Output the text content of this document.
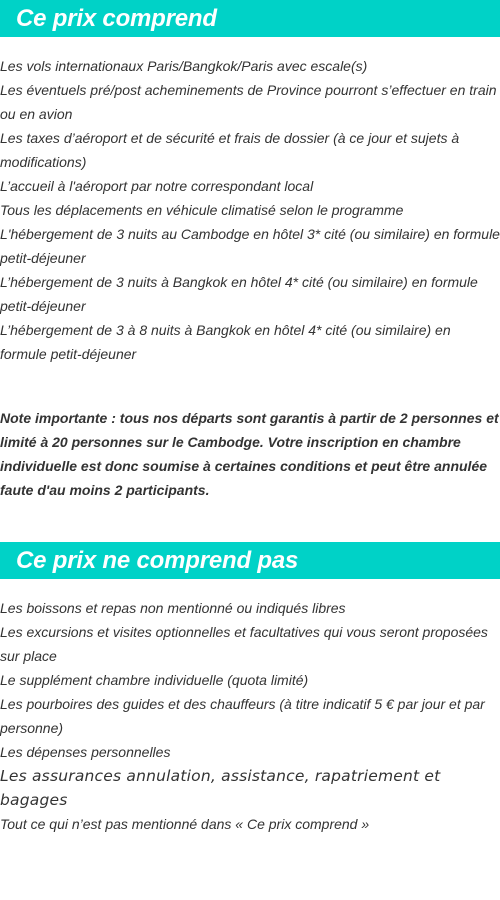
Ce prix comprend
Les vols internationaux Paris/Bangkok/Paris avec escale(s)
Les éventuels pré/post acheminements de Province pourront s’effectuer en train ou en avion
Les taxes d’aéroport et de sécurité et frais de dossier (à ce jour et sujets à modifications)
L’accueil à l'aéroport par notre correspondant local
Tous les déplacements en véhicule climatisé selon le programme
L'hébergement de 3 nuits au Cambodge en hôtel 3* cité (ou similaire) en formule petit-déjeuner
L’hébergement de 3 nuits à Bangkok en hôtel 4* cité (ou similaire) en formule petit-déjeuner
L’hébergement de 3 à 8 nuits à Bangkok en hôtel 4* cité (ou similaire) en formule petit-déjeuner

Note importante : tous nos départs sont garantis à partir de 2 personnes et limité à 20 personnes sur le Cambodge. Votre inscription en chambre individuelle est donc soumise à certaines conditions et peut être annulée faute d'au moins 2 participants.

Ce prix ne comprend pas
Les boissons et repas non mentionné ou indiqués libres
Les excursions et visites optionnelles et facultatives qui vous seront proposées sur place
Le supplément chambre individuelle (quota limité)
Les pourboires des guides et des chauffeurs (à titre indicatif 5 € par jour et par personne)
Les dépenses personnelles
Les assurances annulation, assistance, rapatriement et bagages
Tout ce qui n’est pas mentionné dans « Ce prix comprend »
